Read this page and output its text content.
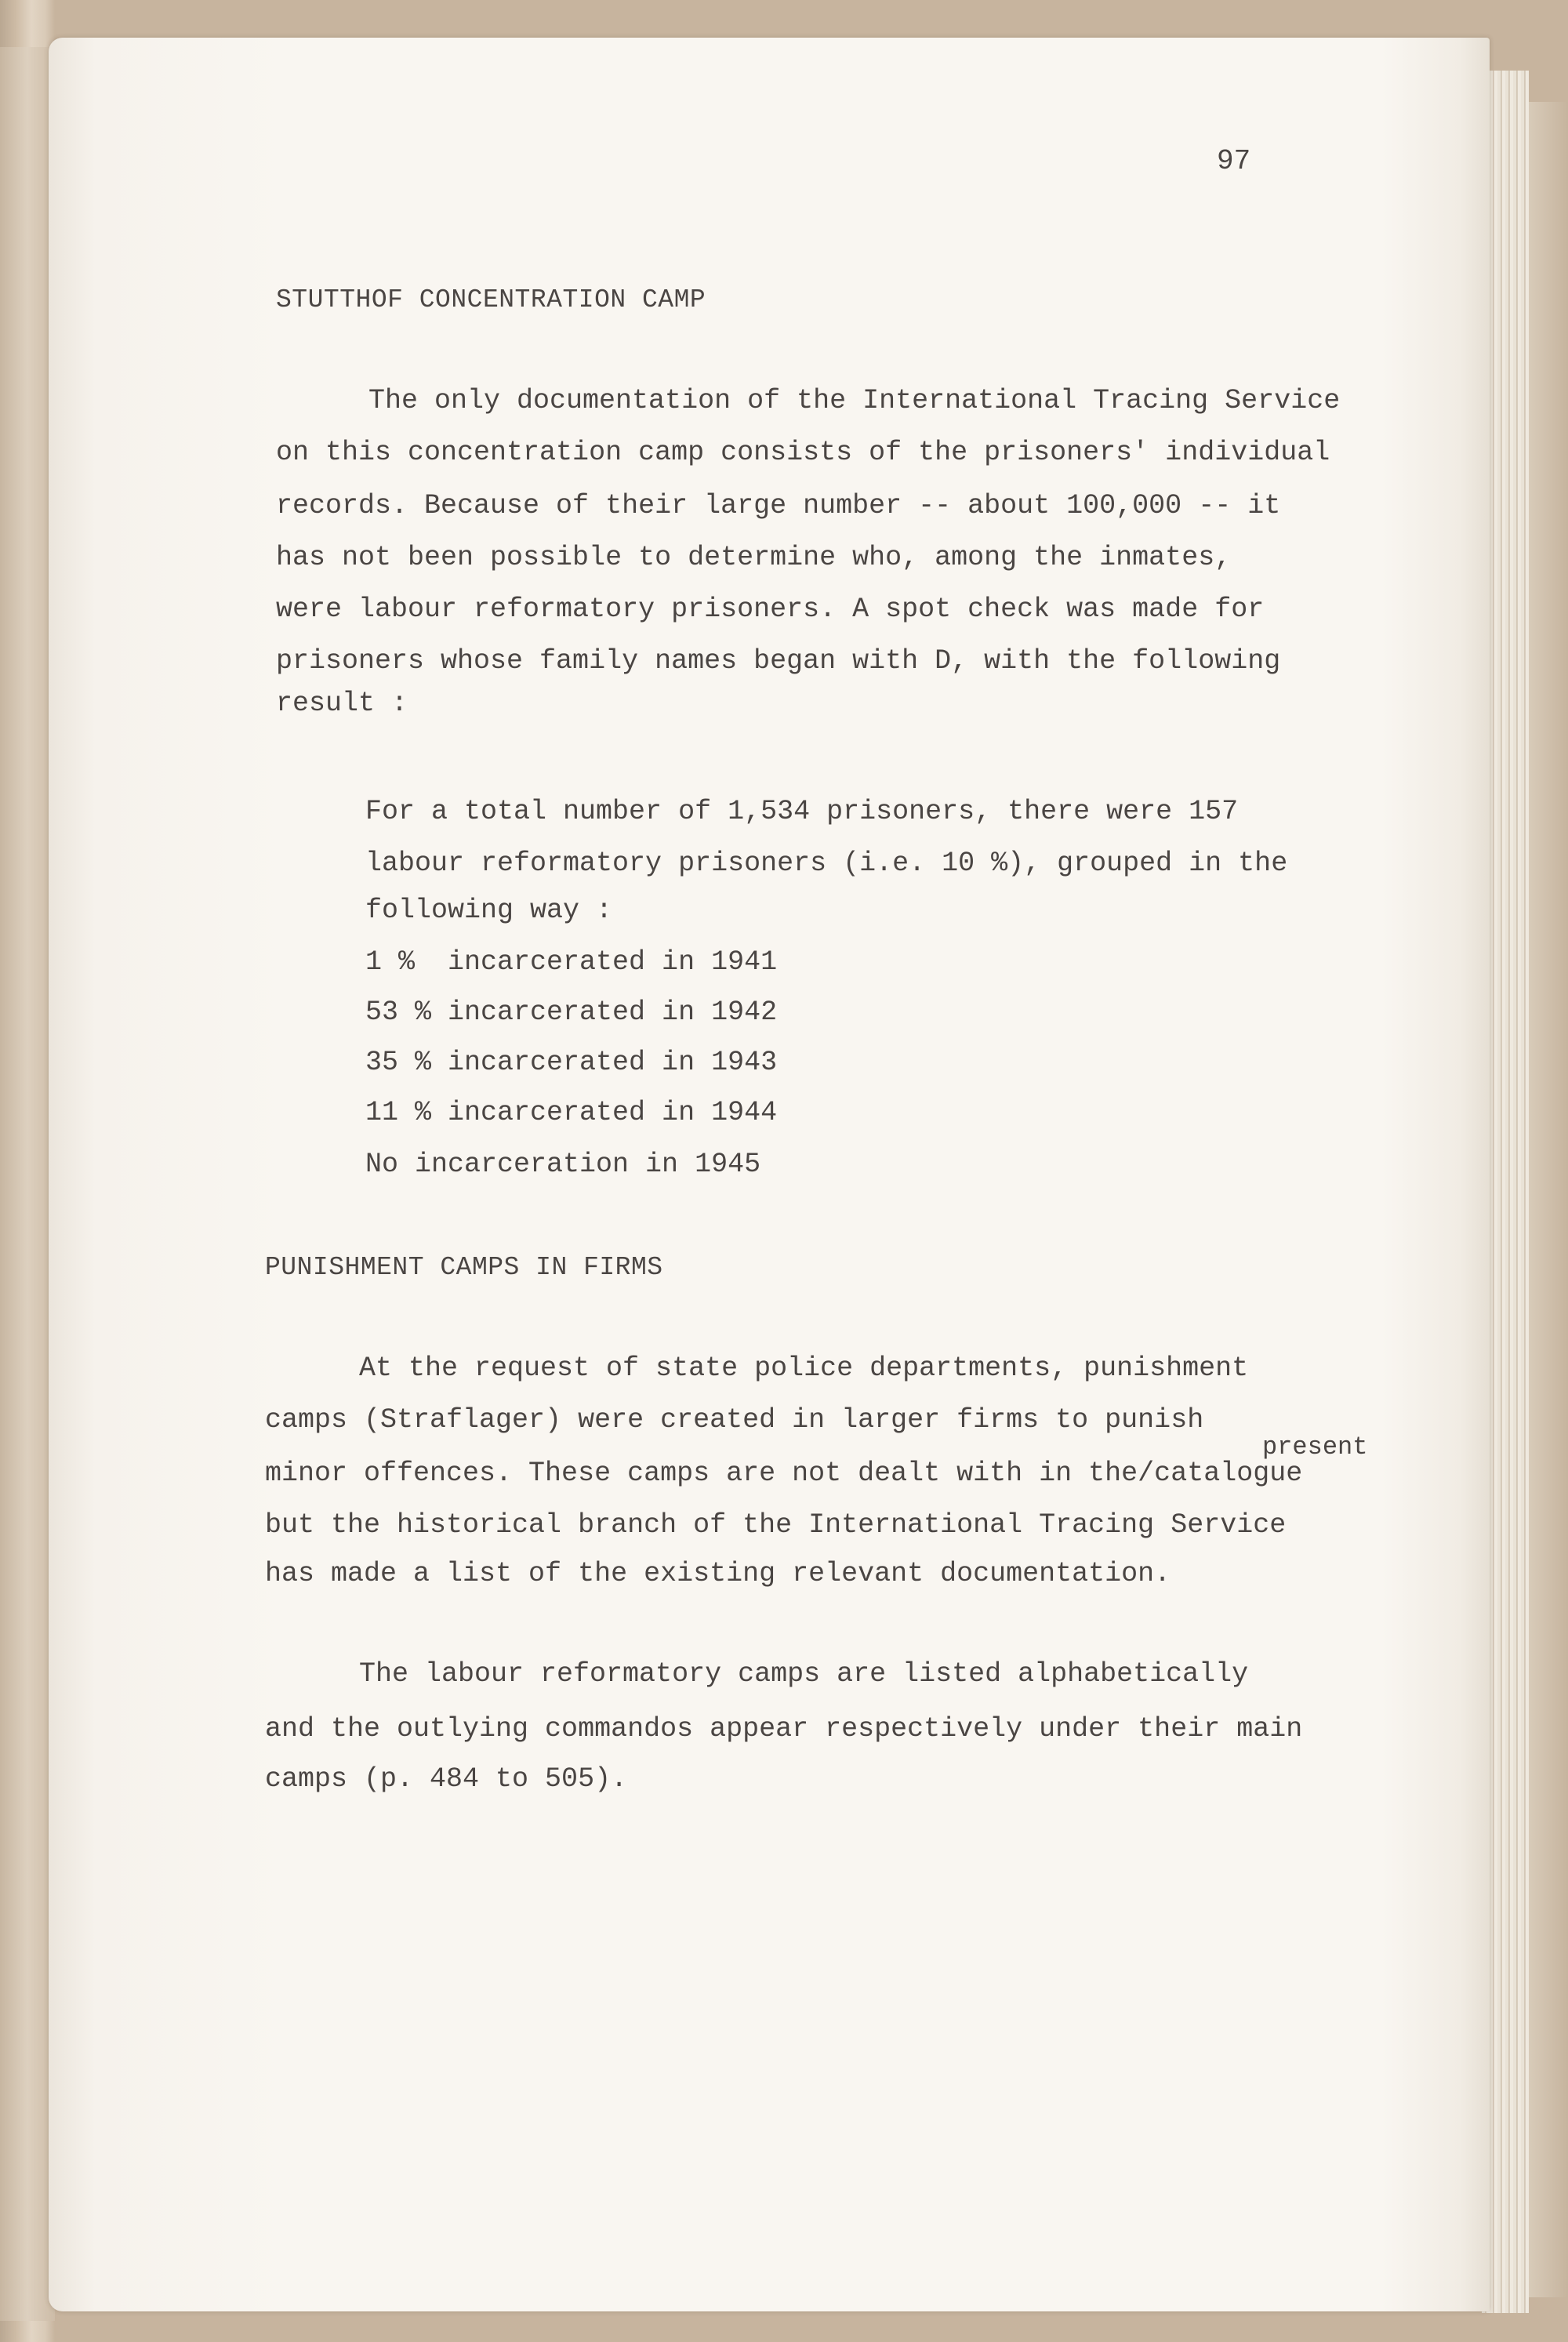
97
STUTTHOF CONCENTRATION CAMP
The only documentation of the International Tracing Service
on this concentration camp consists of the prisoners' individual
records. Because of their large number -- about 100,000 -- it
has not been possible to determine who, among the inmates,
were labour reformatory prisoners. A spot check was made for
prisoners whose family names began with D, with the following
result :
For a total number of 1,534 prisoners, there were 157
labour reformatory prisoners (i.e. 10 %), grouped in the
following way :
1 %  incarcerated in 1941
53 % incarcerated in 1942
35 % incarcerated in 1943
11 % incarcerated in 1944
No incarceration in 1945
PUNISHMENT CAMPS IN FIRMS
At the request of state police departments, punishment
camps (Straflager) were created in larger firms to punish
present
minor offences. These camps are not dealt with in the/catalogue
but the historical branch of the International Tracing Service
has made a list of the existing relevant documentation.
The labour reformatory camps are listed alphabetically
and the outlying commandos appear respectively under their main
camps (p. 484 to 505).
